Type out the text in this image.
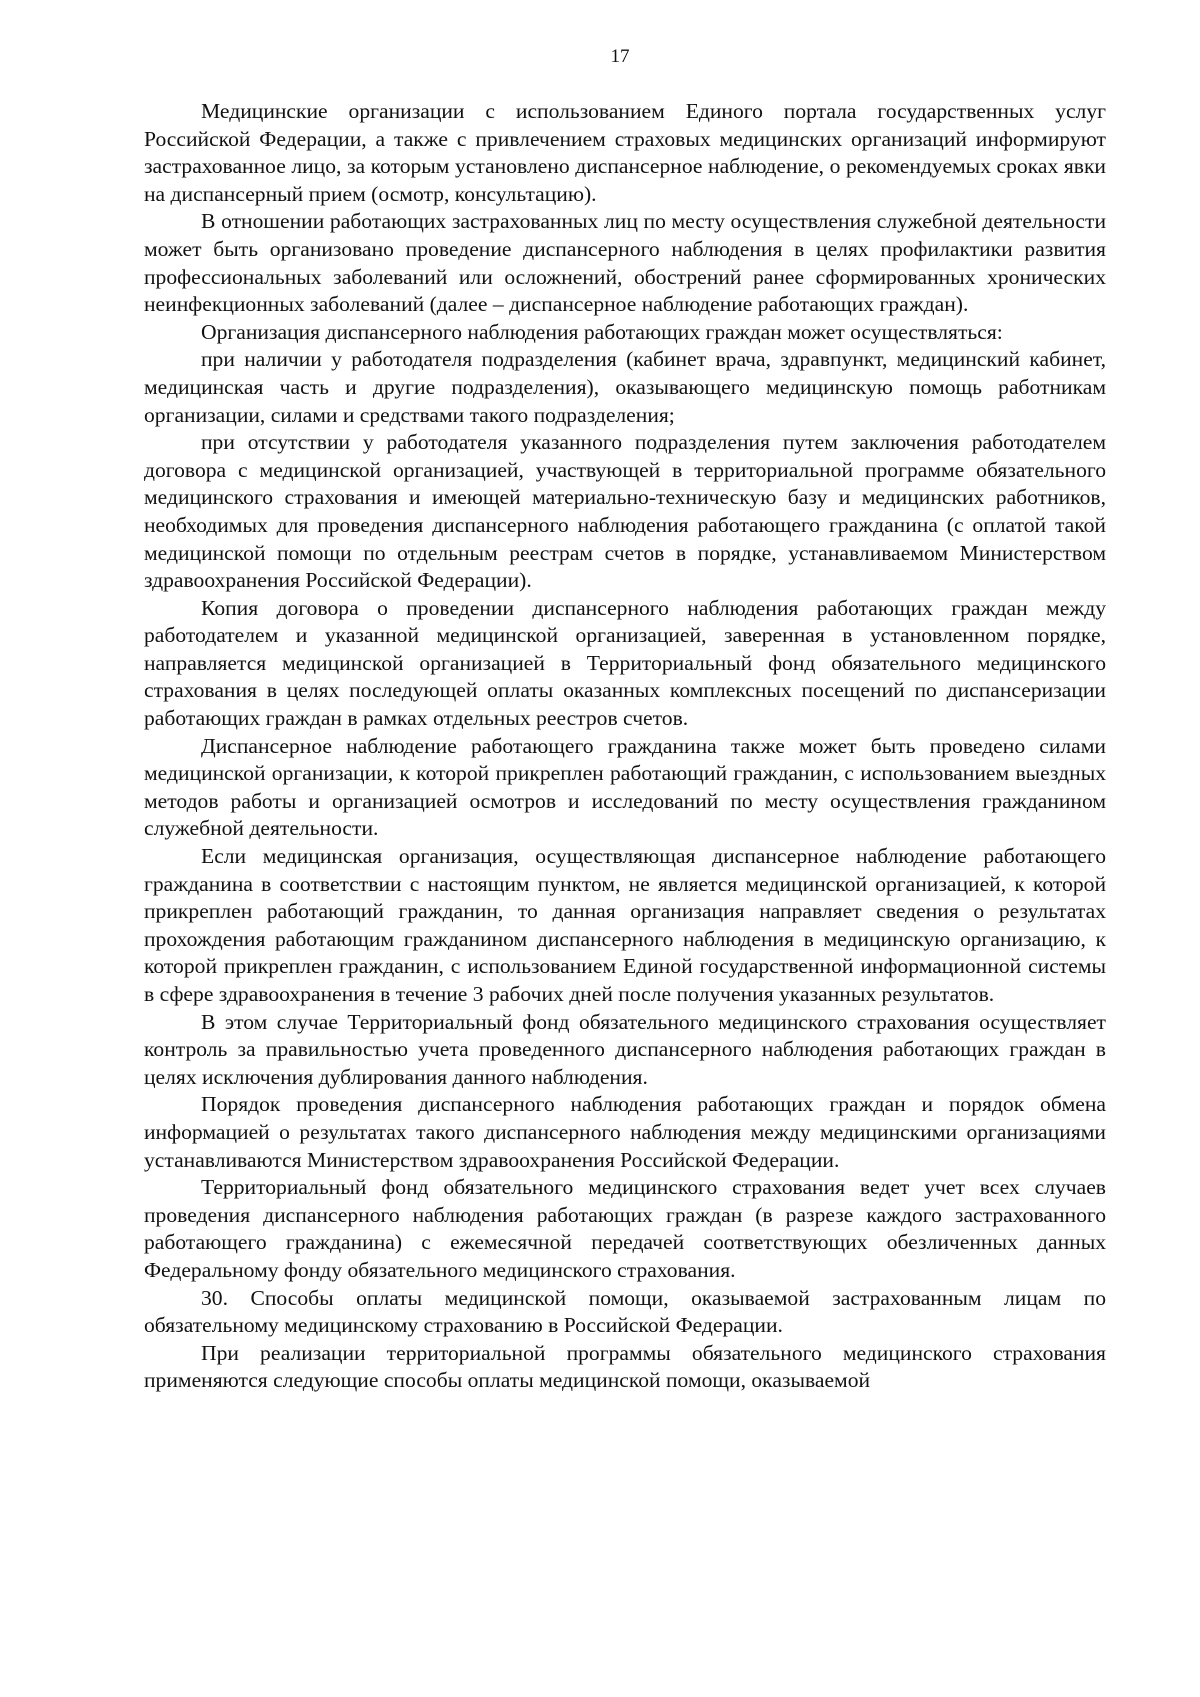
17

Медицинские организации с использованием Единого портала государственных услуг Российской Федерации, а также с привлечением страховых медицинских организаций информируют застрахованное лицо, за которым установлено диспансерное наблюдение, о рекомендуемых сроках явки на диспансерный прием (осмотр, консультацию).

В отношении работающих застрахованных лиц по месту осуществления служебной деятельности может быть организовано проведение диспансерного наблюдения в целях профилактики развития профессиональных заболеваний или осложнений, обострений ранее сформированных хронических неинфекционных заболеваний (далее – диспансерное наблюдение работающих граждан).

Организация диспансерного наблюдения работающих граждан может осуществляться:

при наличии у работодателя подразделения (кабинет врача, здравпункт, медицинский кабинет, медицинская часть и другие подразделения), оказывающего медицинскую помощь работникам организации, силами и средствами такого подразделения;

при отсутствии у работодателя указанного подразделения путем заключения работодателем договора с медицинской организацией, участвующей в территориальной программе обязательного медицинского страхования и имеющей материально-техническую базу и медицинских работников, необходимых для проведения диспансерного наблюдения работающего гражданина (с оплатой такой медицинской помощи по отдельным реестрам счетов в порядке, устанавливаемом Министерством здравоохранения Российской Федерации).

Копия договора о проведении диспансерного наблюдения работающих граждан между работодателем и указанной медицинской организацией, заверенная в установленном порядке, направляется медицинской организацией в Территориальный фонд обязательного медицинского страхования в целях последующей оплаты оказанных комплексных посещений по диспансеризации работающих граждан в рамках отдельных реестров счетов.

Диспансерное наблюдение работающего гражданина также может быть проведено силами медицинской организации, к которой прикреплен работающий гражданин, с использованием выездных методов работы и организацией осмотров и исследований по месту осуществления гражданином служебной деятельности.

Если медицинская организация, осуществляющая диспансерное наблюдение работающего гражданина в соответствии с настоящим пунктом, не является медицинской организацией, к которой прикреплен работающий гражданин, то данная организация направляет сведения о результатах прохождения работающим гражданином диспансерного наблюдения в медицинскую организацию, к которой прикреплен гражданин, с использованием Единой государственной информационной системы в сфере здравоохранения в течение 3 рабочих дней после получения указанных результатов.

В этом случае Территориальный фонд обязательного медицинского страхования осуществляет контроль за правильностью учета проведенного диспансерного наблюдения работающих граждан в целях исключения дублирования данного наблюдения.

Порядок проведения диспансерного наблюдения работающих граждан и порядок обмена информацией о результатах такого диспансерного наблюдения между медицинскими организациями устанавливаются Министерством здравоохранения Российской Федерации.

Территориальный фонд обязательного медицинского страхования ведет учет всех случаев проведения диспансерного наблюдения работающих граждан (в разрезе каждого застрахованного работающего гражданина) с ежемесячной передачей соответствующих обезличенных данных Федеральному фонду обязательного медицинского страхования.

30. Способы оплаты медицинской помощи, оказываемой застрахованным лицам по обязательному медицинскому страхованию в Российской Федерации.

При реализации территориальной программы обязательного медицинского страхования применяются следующие способы оплаты медицинской помощи, оказываемой
